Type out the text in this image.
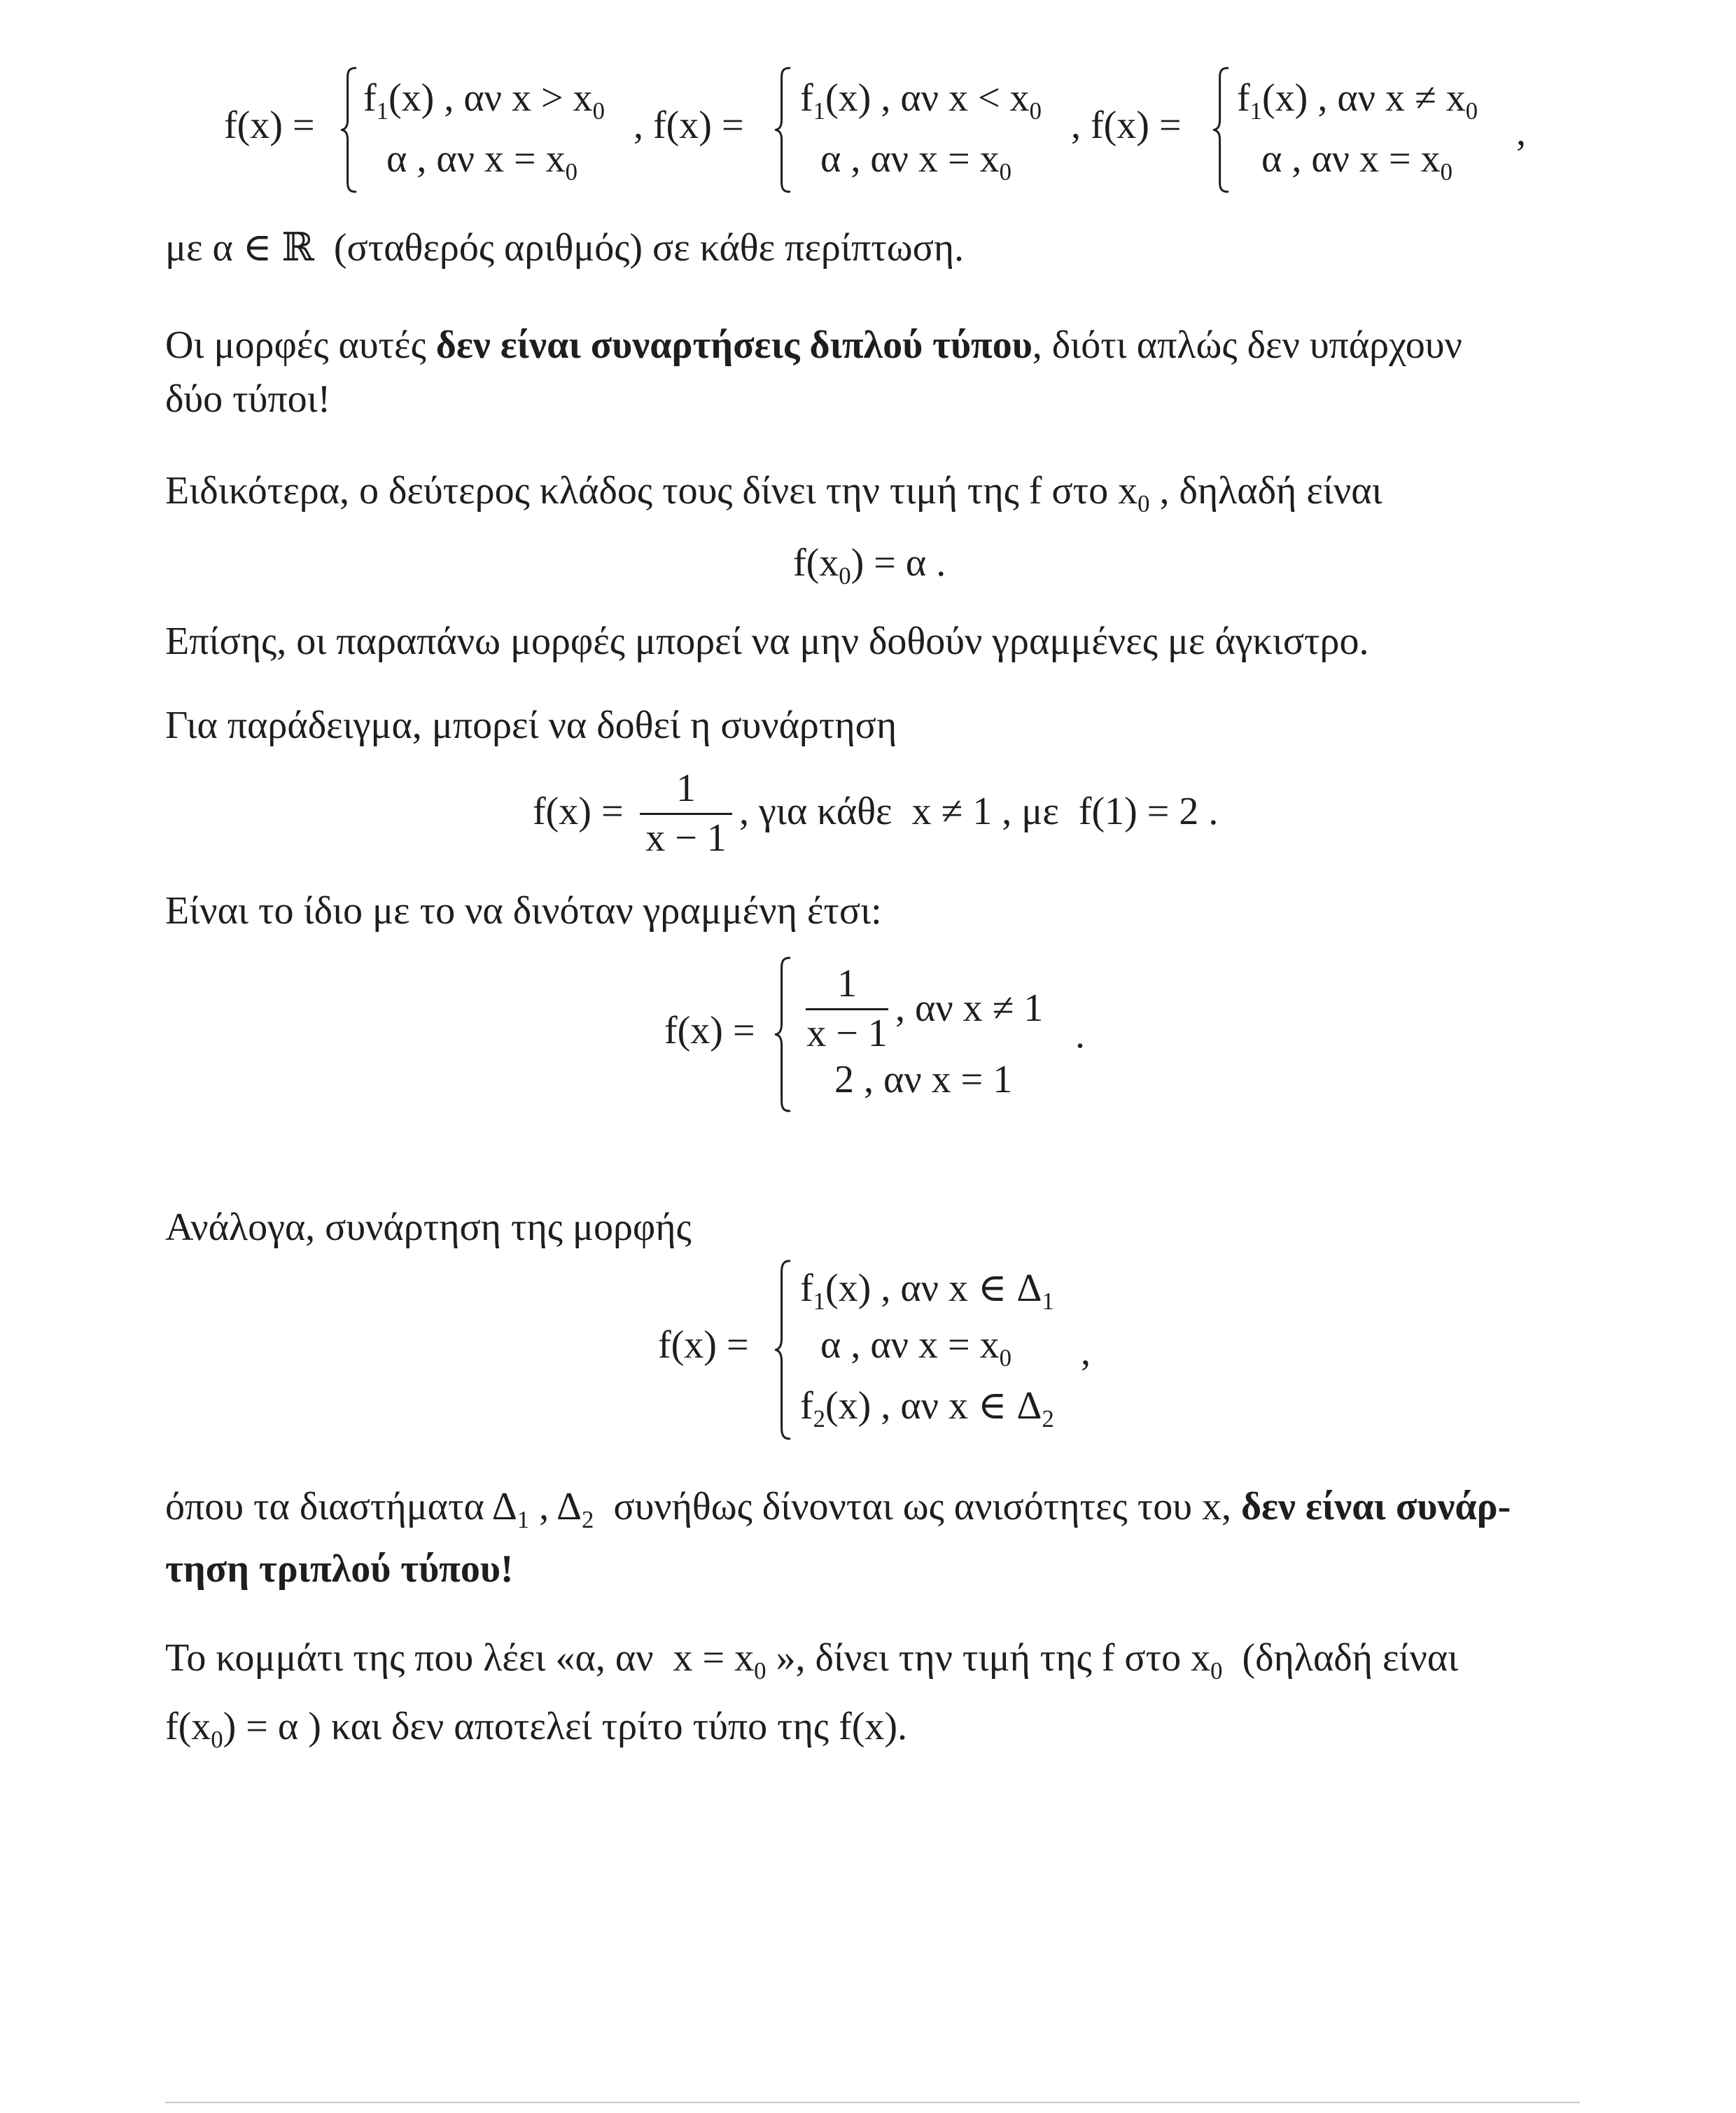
f(x) =
$f_1(x)$ , αν $x > x_0$
α , αν $x = x_0$
, f(x) =
$f_1(x)$ , αν $x < x_0$
α , αν $x = x_0$
, f(x) =
$f_1(x)$ , αν $x \ne x_0$
α , αν $x = x_0$
,
με α ∈ ℝ  (σταθερός αριθμός) σε κάθε περίπτωση.
Οι μορφές αυτές δεν είναι συναρτήσεις διπλού τύπου, διότι απλώς δεν υπάρχουν
δύο τύποι!
Ειδικότερα, ο δεύτερος κλάδος τους δίνει την τιμή της f στο $x_0$ , δηλαδή είναι
$f(x_0) = \alpha$ .
Επίσης, οι παραπάνω μορφές μπορεί να μην δοθούν γραμμένες με άγκιστρο.
Για παράδειγμα, μπορεί να δοθεί η συνάρτηση
f(x) =
1
x − 1
, για κάθε  x ≠ 1 , με  f(1) = 2 .
Είναι το ίδιο με το να δινόταν γραμμένη έτσι:
f(x) =
1
x − 1
, αν x ≠ 1
2 , αν x = 1
.
Ανάλογα, συνάρτηση της μορφής
f(x) =
$f_1(x)$ , αν x ∈ $\Delta_1$
α , αν $x = x_0$
$f_2(x)$ , αν x ∈ $\Delta_2$
,
όπου τα διαστήματα $\Delta_1$ , $\Delta_2$  συνήθως δίνονται ως ανισότητες του x, δεν είναι συνάρ-
τηση τριπλού τύπου!
Το κομμάτι της που λέει «α, αν  $x = x_0$ », δίνει την τιμή της f στο $x_0$  (δηλαδή είναι
$f(x_0) = \alpha$ ) και δεν αποτελεί τρίτο τύπο της f(x).
